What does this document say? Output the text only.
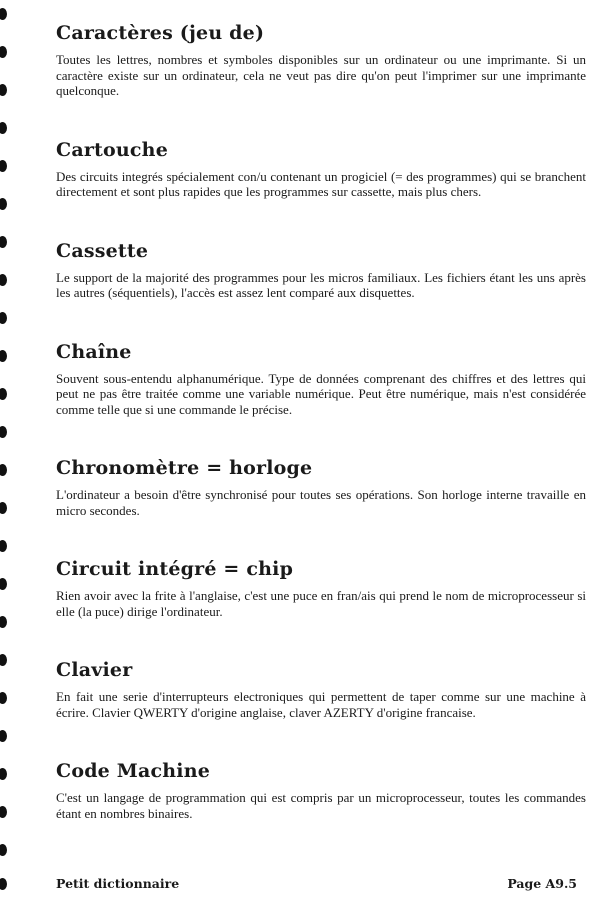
Caractères (jeu de)

Toutes les lettres, nombres et symboles disponibles sur un ordinateur ou une imprimante. Si un caractère existe sur un ordinateur, cela ne veut pas dire qu'on peut l'imprimer sur une imprimante quelconque.

Cartouche

Des circuits integrés spécialement con/u contenant un progiciel (= des programmes) qui se branchent directement et sont plus rapides que les programmes sur cassette, mais plus chers.

Cassette

Le support de la majorité des programmes pour les micros familiaux. Les fichiers étant les uns après les autres (séquentiels), l'accès est assez lent comparé aux disquettes.

Chaîne

Souvent sous-entendu alphanumérique. Type de données comprenant des chiffres et des lettres qui peut ne pas être traitée comme une variable numérique. Peut être numérique, mais n'est considérée comme telle que si une commande le précise.

Chronomètre = horloge

L'ordinateur a besoin d'être synchronisé pour toutes ses opérations. Son horloge interne travaille en micro secondes.

Circuit intégré = chip

Rien avoir avec la frite à l'anglaise, c'est une puce en fran/ais qui prend le nom de microprocesseur si elle (la puce) dirige l'ordinateur.

Clavier

En fait une serie d'interrupteurs electroniques qui permettent de taper comme sur une machine à écrire. Clavier QWERTY d'origine anglaise, claver AZERTY d'origine francaise.

Code Machine

C'est un langage de programmation qui est compris par un microprocesseur, toutes les commandes étant en nombres binaires.

Petit dictionnaire	Page A9.5
